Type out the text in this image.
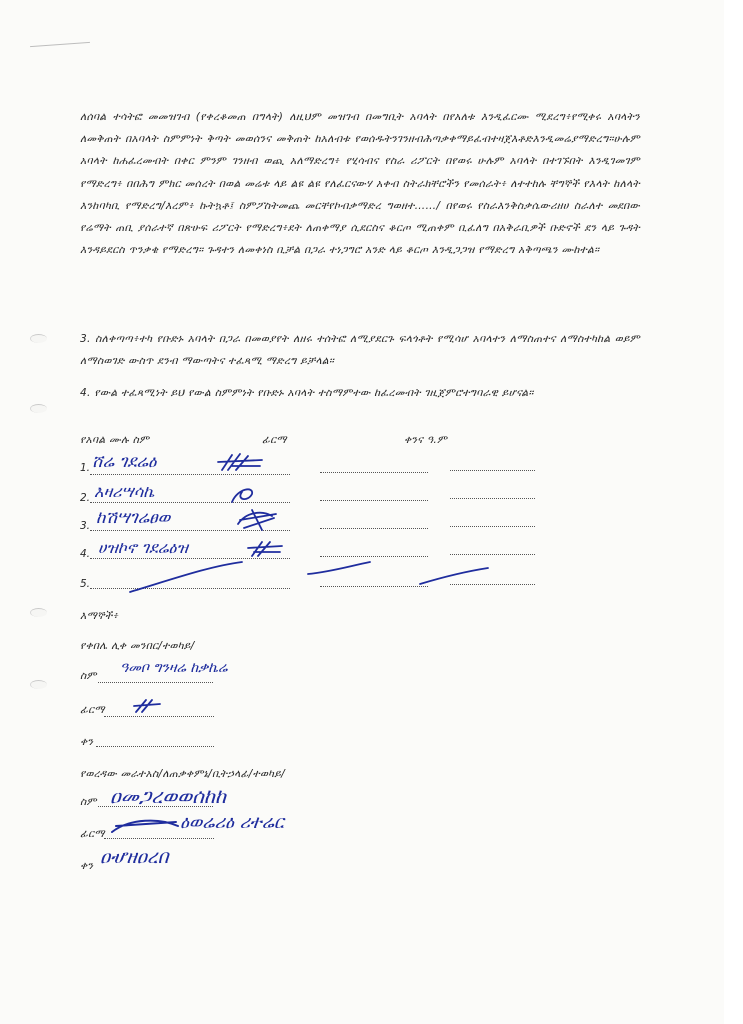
ለሰባል ተሳትፎ መመዝገብ (የቀረቆመጠ በግላት) ለዚህም መዝገብ በመግቢት አባላት በየአለቱ እንዲፈርሙ ሚደረግ፥የሚቀሩ አባላትን ለመቅጠት በአባላት ስምምነት ቅጣት መወሰንና መቅጠት ከአለብቱ የወሰዱትንገንዘብሕጣቃቀማይፈብተዛጀእቶድእንዲመሬያማድረግ።ሁሉም አባላት ከሐፈረመብት በቀር ምንም ገንዘብ ወጪ አለማድረግ፥ የሂሳብና የስራ ሪፖርት በየወሩ ሁሉም አባላት በተገኙበት እንዲገመገም የማድረግ፥ በበሕግ ምክር መሰረት በወል መሬቱ ላይ ልዩ ልዩ የለፈርናውሃ አቀብ ስትራክቸሮችን የመሰራት፥ ለተተከሉ ቸግኞች የእላት ከለላት እንከባካቢ የማድረግ/እረም፥ ኩትኳቶ፤ ስምፖስትመጨ መርቸየኮብቃማድረ ግወዘተ……/ በየወሩ የስራእንቅስቃሴውሪዘሀ ስራለተ መደበው የሬማት ጠቢ ያሰራተኛ በጽሁፍ ሪፖርት የማድረግ፥ደት ለጠቀማያ ሲደርስና ቆርጦ ሚጠቀም ቢፈለግ በአቅራቢዎች ቡድኖች ደን ላይ ጉዳት እንዳይደርስ ጥንቃቄ የማድረግ። ጉዳተን ለመቀነስ ቢቻል በጋራ ተነጋግሮ አንድ ላይ ቆርጦ እንዲጋጋዝ የማድረግ አቅጣጫን ሙከተል።
3. ስለቀጣጣ፥ተካ የቡድኑ አባላት በጋራ በመወያየት ለዘሩ ተሰትፎ ለሚያደርጉ ፍላጎቶት የሚሳሆ አባላተን ለማስጠተና ለማስተካከል ወይም ለማስወገድ ውስጥ ደንብ ማውጣትና ተፈጻሚ ማድረግ ይቻላል።
4. የውል ተፈጻሚነት ይህ የውል ስምምነት የቡድኑ አባላት ተስማምተው ከፈረመብት ገዚጀምሮተግባራዊ ይሆናል።
የአባል ሙሉ ስም	ፊርማ	ቀንና ዓ.ም
1.
2.
3.
4.
5.
ሸሬ ገደሬዕ
እዛሪሣሳኬ
ከሽሣገሬፀወ
ሀዝኮኖ ገደሬዕዝ
እማኞች፥
የቀበሌ ሊቀ መንበር/ተወካይ/
ስም ዓመቦ ግንዛሬ ከቃኬሬ
ፊርማ
ቀን
የወረዳው መራተአስ/ለጠቃቀምኔ/ቢትኃላፊ/ተወካይ/
ስም ዐመጋረወወሰከከ
ፊርማ
ዕወሬሪዕ ሪተሬር
ቀን ዐሇዘዐረበ
